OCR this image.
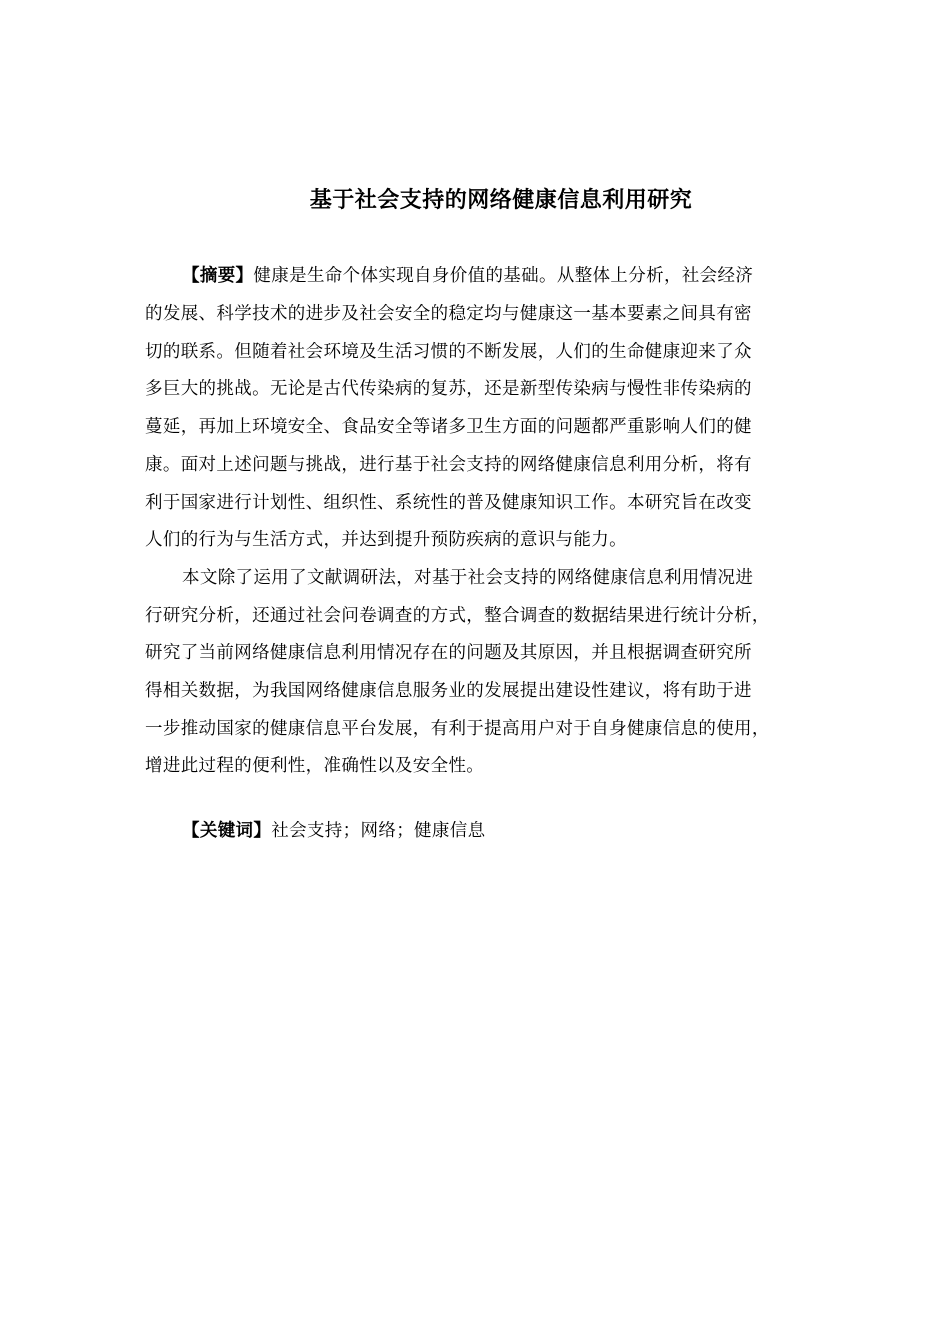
基于社会支持的网络健康信息利用研究

【摘要】健康是生命个体实现自身价值的基础。从整体上分析，社会经济

的发展、科学技术的进步及社会安全的稳定均与健康这一基本要素之间具有密

切的联系。但随着社会环境及生活习惯的不断发展，人们的生命健康迎来了众

多巨大的挑战。无论是古代传染病的复苏，还是新型传染病与慢性非传染病的

蔓延，再加上环境安全、食品安全等诸多卫生方面的问题都严重影响人们的健

康。面对上述问题与挑战，进行基于社会支持的网络健康信息利用分析，将有

利于国家进行计划性、组织性、系统性的普及健康知识工作。本研究旨在改变

人们的行为与生活方式，并达到提升预防疾病的意识与能力。

本文除了运用了文献调研法，对基于社会支持的网络健康信息利用情况进

行研究分析，还通过社会问卷调查的方式，整合调查的数据结果进行统计分析，

研究了当前网络健康信息利用情况存在的问题及其原因，并且根据调查研究所

得相关数据，为我国网络健康信息服务业的发展提出建设性建议，将有助于进

一步推动国家的健康信息平台发展，有利于提高用户对于自身健康信息的使用，

增进此过程的便利性，准确性以及安全性。

【关键词】社会支持；网络；健康信息
